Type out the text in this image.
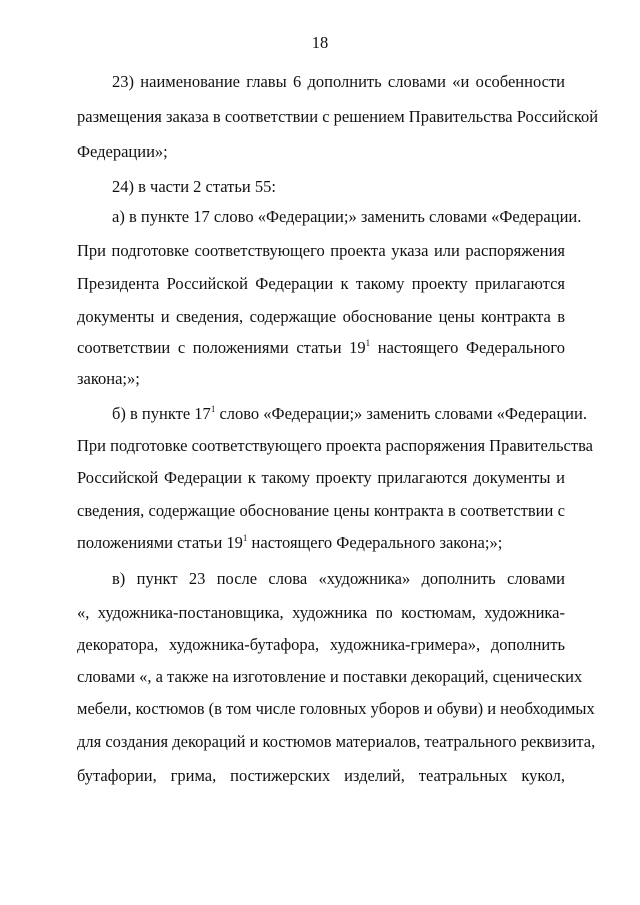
18
23) наименование главы 6 дополнить словами «и особенности
размещения заказа в соответствии с решением Правительства Российской
Федерации»;
24) в части 2 статьи 55:
а) в пункте 17 слово «Федерации;» заменить словами «Федерации.
При подготовке соответствующего проекта указа или распоряжения
Президента Российской Федерации к такому проекту прилагаются
документы и сведения, содержащие обоснование цены контракта в
соответствии с положениями статьи $19^1$ настоящего Федерального
закона;»;
б) в пункте $17^1$ слово «Федерации;» заменить словами «Федерации.
При подготовке соответствующего проекта распоряжения Правительства
Российской Федерации к такому проекту прилагаются документы и
сведения, содержащие обоснование цены контракта в соответствии с
положениями статьи $19^1$ настоящего Федерального закона;»;
в) пункт 23 после слова «художника» дополнить словами
«, художника-постановщика, художника по костюмам, художника-
декоратора, художника-бутафора, художника-гримера», дополнить
словами «, а также на изготовление и поставки декораций, сценических
мебели, костюмов (в том числе головных уборов и обуви) и необходимых
для создания декораций и костюмов материалов, театрального реквизита,
бутафории, грима, постижерских изделий, театральных кукол,
